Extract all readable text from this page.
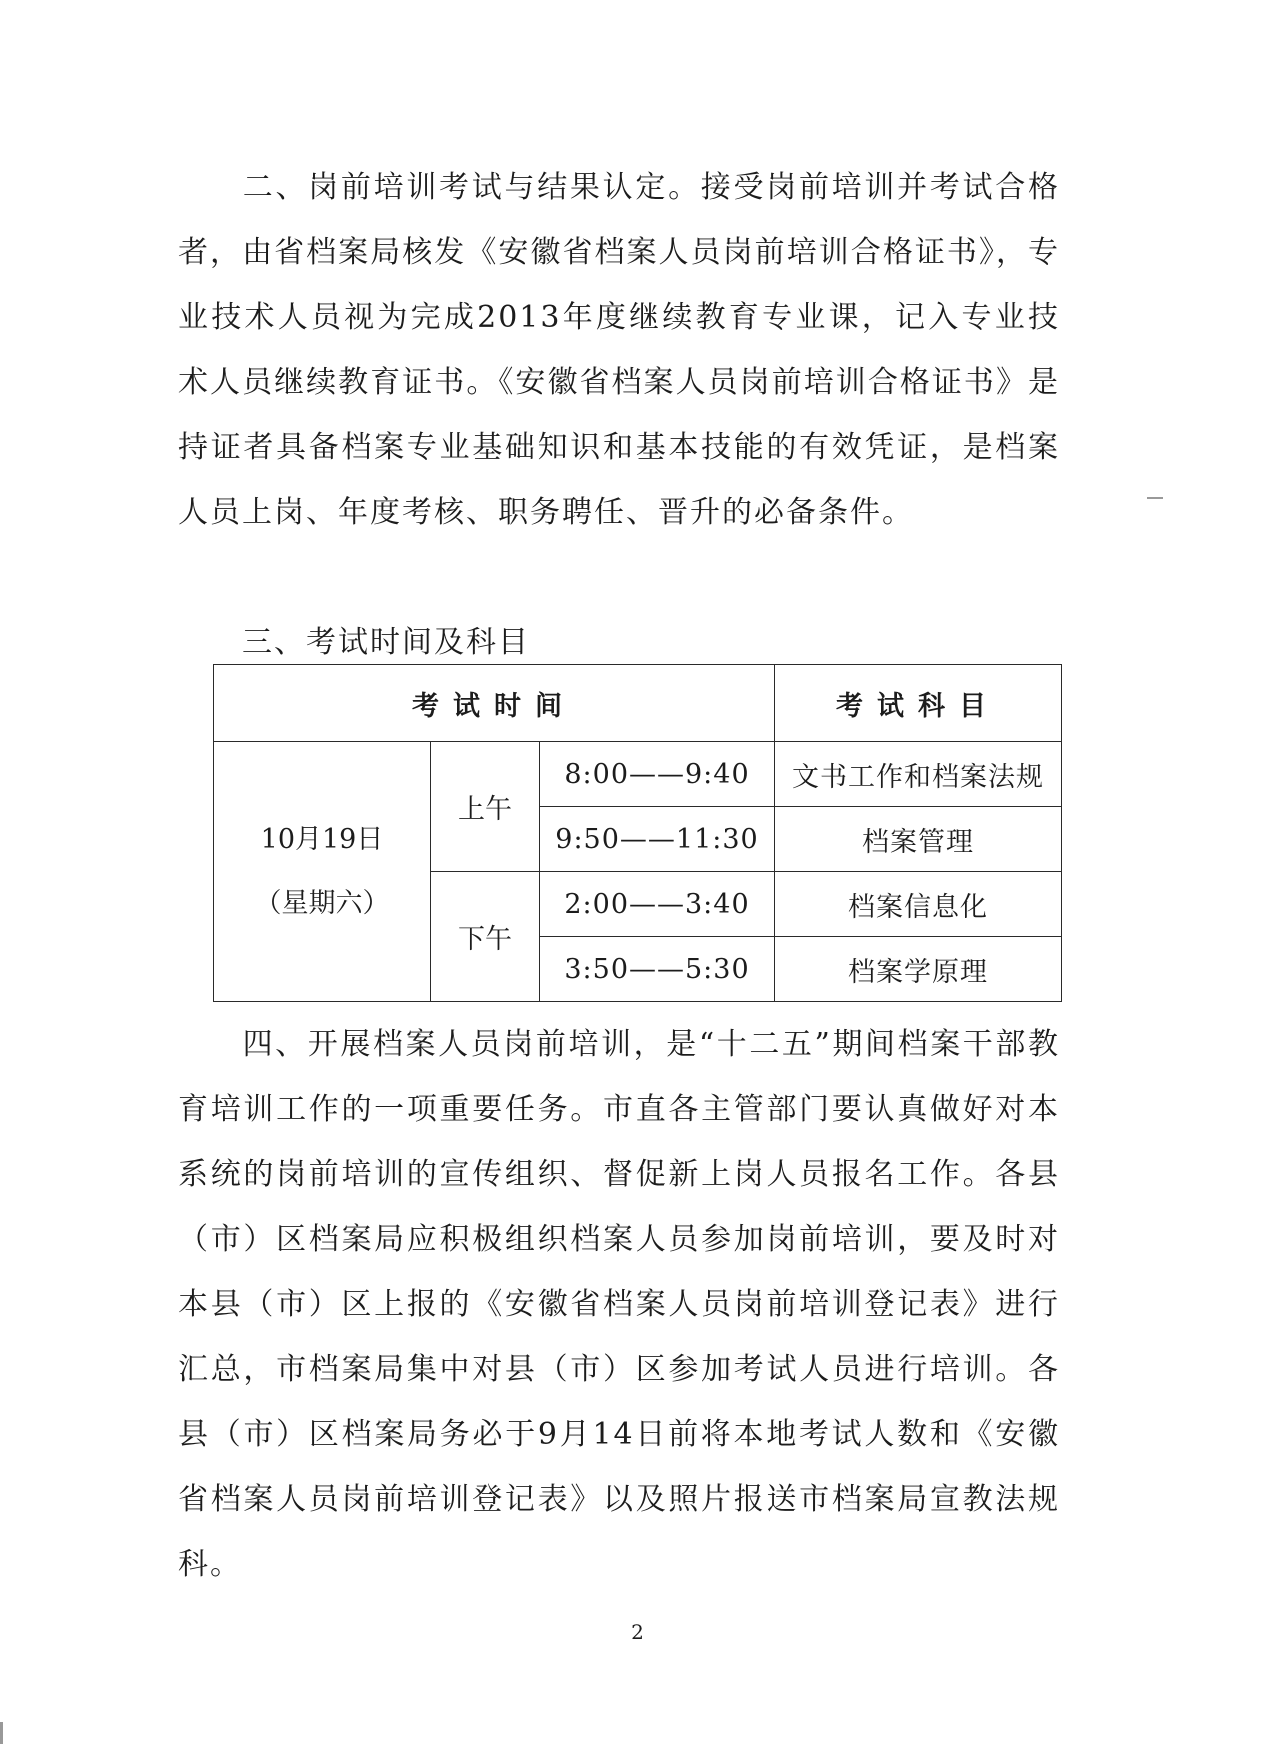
二、岗前培训考试与结果认定。接受岗前培训并考试合格者，由省档案局核发《安徽省档案人员岗前培训合格证书》，专业技术人员视为完成2013年度继续教育专业课，记入专业技术人员继续教育证书。《安徽省档案人员岗前培训合格证书》是持证者具备档案专业基础知识和基本技能的有效凭证，是档案人员上岗、年度考核、职务聘任、晋升的必备条件。

三、考试时间及科目

考试时间			考试科目

10月19日
（星期六）	上午	8:00——9:40	文书工作和档案法规
		9:50——11:30	档案管理
	下午	2:00——3:40	档案信息化
		3:50——5:30	档案学原理

四、开展档案人员岗前培训，是“十二五”期间档案干部教育培训工作的一项重要任务。市直各主管部门要认真做好对本系统的岗前培训的宣传组织、督促新上岗人员报名工作。各县（市）区档案局应积极组织档案人员参加岗前培训，要及时对本县（市）区上报的《安徽省档案人员岗前培训登记表》进行汇总，市档案局集中对县（市）区参加考试人员进行培训。各县（市）区档案局务必于9月14日前将本地考试人数和《安徽省档案人员岗前培训登记表》以及照片报送市档案局宣教法规科。

2
